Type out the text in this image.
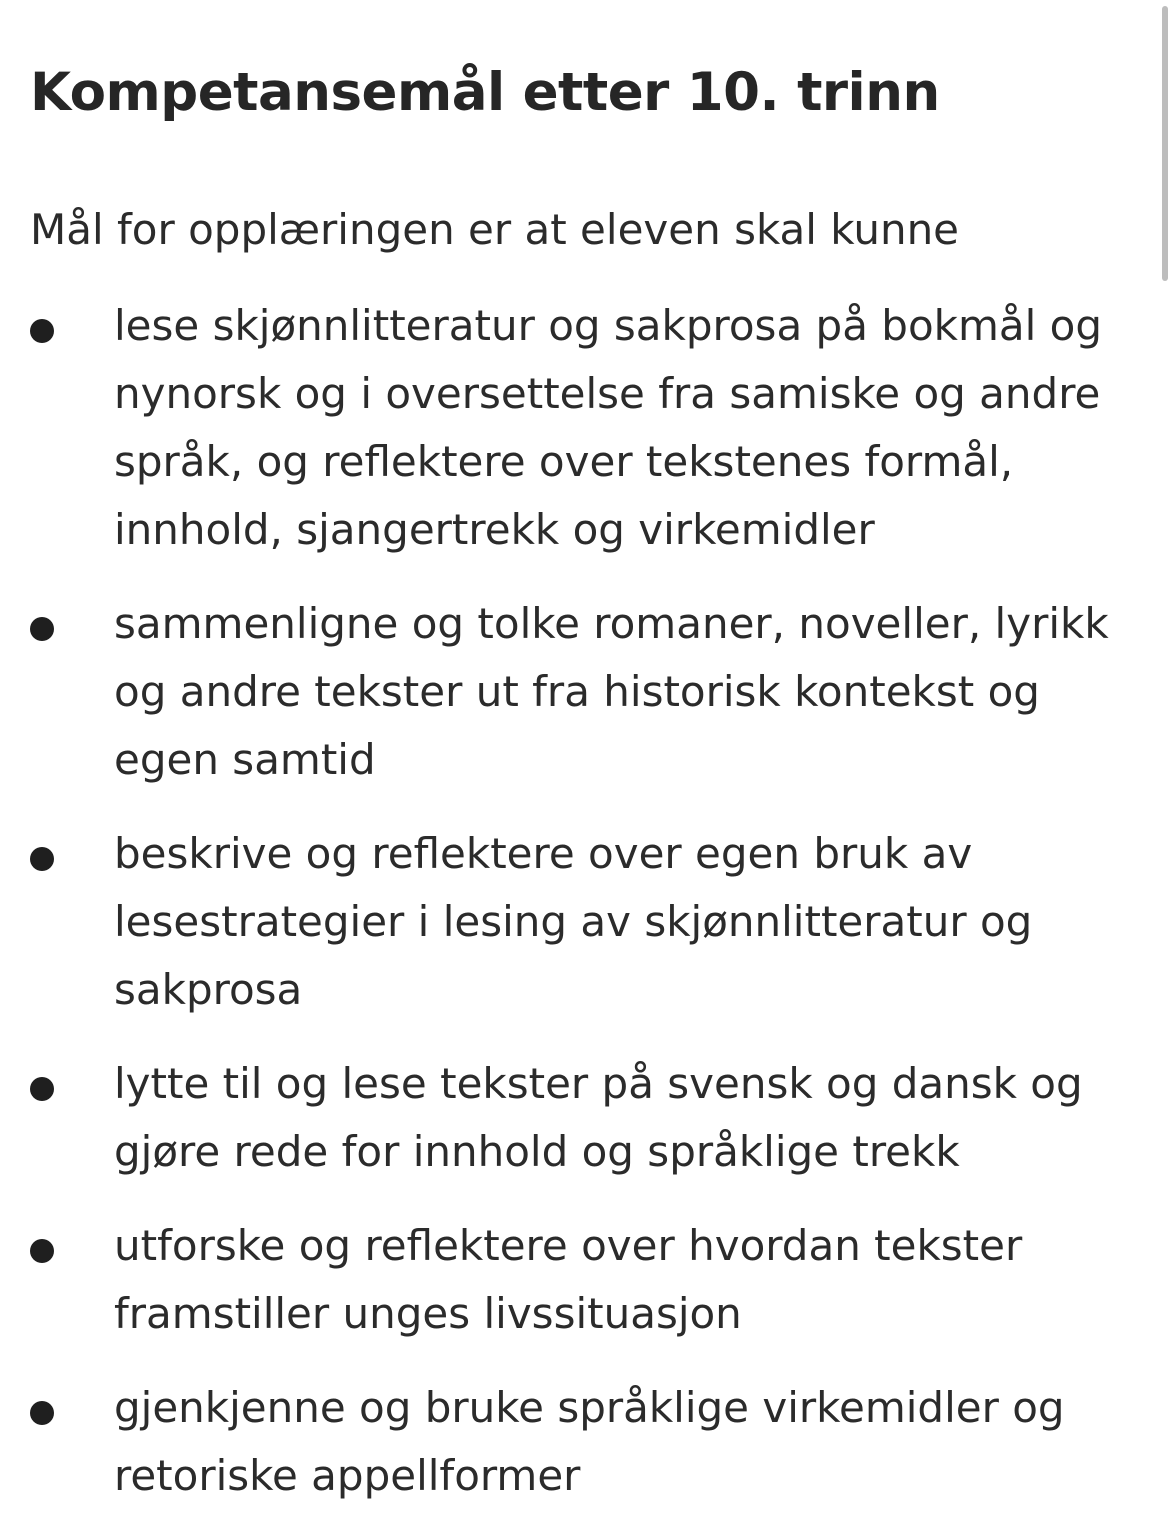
Kompetansemål etter 10. trinn

Mål for opplæringen er at eleven skal kunne

lese skjønnlitteratur og sakprosa på bokmål og nynorsk og i oversettelse fra samiske og andre språk, og reflektere over tekstenes formål, innhold, sjangertrekk og virkemidler
sammenligne og tolke romaner, noveller, lyrikk og andre tekster ut fra historisk kontekst og egen samtid
beskrive og reflektere over egen bruk av lesestrategier i lesing av skjønnlitteratur og sakprosa
lytte til og lese tekster på svensk og dansk og gjøre rede for innhold og språklige trekk
utforske og reflektere over hvordan tekster framstiller unges livssituasjon
gjenkjenne og bruke språklige virkemidler og retoriske appellformer
